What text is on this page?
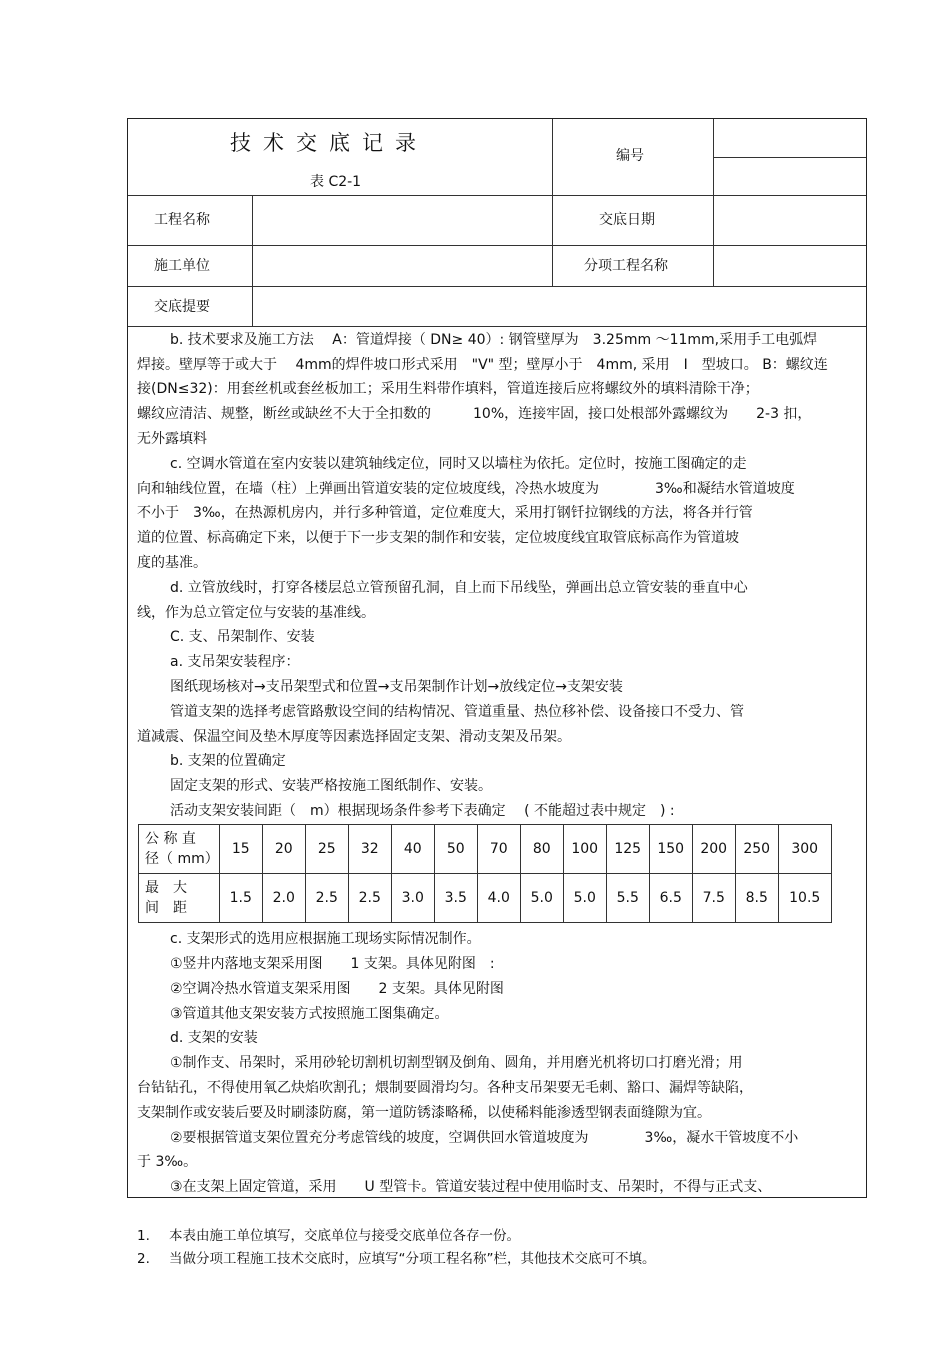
技术交底记录
表 C2-1
编号
工程名称	交底日期
施工单位	分项工程名称
交底提要
b. 技术要求及施工方法　 A：管道焊接（ DN≥ 40）: 钢管壁厚为　3.25mm ～11mm,采用手工电弧焊
焊接。壁厚等于或大于　 4mm的焊件坡口形式采用　"V" 型；壁厚小于　4mm, 采用　I　型坡口。 B：螺纹连
接(DN≤32)：用套丝机或套丝板加工；采用生料带作填料，管道连接后应将螺纹外的填料清除干净；
螺纹应清洁、规整，断丝或缺丝不大于全扣数的　　　10%，连接牢固，接口处根部外露螺纹为　　2-3 扣，
无外露填料
c. 空调水管道在室内安装以建筑轴线定位，同时又以墙柱为依托。定位时，按施工图确定的走
向和轴线位置，在墙（柱）上弹画出管道安装的定位坡度线，冷热水坡度为　　　　3‰和凝结水管道坡度
不小于　3‰，在热源机房内，并行多种管道，定位难度大，采用打钢钎拉钢线的方法，将各并行管
道的位置、标高确定下来，以便于下一步支架的制作和安装，定位坡度线宜取管底标高作为管道坡
度的基准。
d. 立管放线时，打穿各楼层总立管预留孔洞，自上而下吊线坠，弹画出总立管安装的垂直中心
线，作为总立管定位与安装的基准线。
C. 支、吊架制作、安装
a. 支吊架安装程序：
图纸现场核对→支吊架型式和位置→支吊架制作计划→放线定位→支架安装
管道支架的选择考虑管路敷设空间的结构情况、管道重量、热位移补偿、设备接口不受力、管
道减震、保温空间及垫木厚度等因素选择固定支架、滑动支架及吊架。
b. 支架的位置确定
固定支架的形式、安装严格按施工图纸制作、安装。
活动支架安装间距（　m）根据现场条件参考下表确定　 ( 不能超过表中规定　) :
公 称 直
径（ mm）	15	20	25	32	40	50	70	80	100	125	150	200	250	300
最　大
间　距	1.5	2.0	2.5	2.5	3.0	3.5	4.0	5.0	5.0	5.5	6.5	7.5	8.5	10.5
c. 支架形式的选用应根据施工现场实际情况制作。
①竖井内落地支架采用图　　1 支架。具体见附图　:
②空调冷热水管道支架采用图　　2 支架。具体见附图
③管道其他支架安装方式按照施工图集确定。
d. 支架的安装
①制作支、吊架时，采用砂轮切割机切割型钢及倒角、圆角，并用磨光机将切口打磨光滑；用
台钻钻孔，不得使用氧乙炔焰吹割孔；煨制要圆滑均匀。各种支吊架要无毛刺、豁口、漏焊等缺陷，
支架制作或安装后要及时刷漆防腐，第一道防锈漆略稀，以使稀料能渗透型钢表面缝隙为宜。
②要根据管道支架位置充分考虑管线的坡度，空调供回水管道坡度为　　　　3‰，凝水干管坡度不小
于 3‰。
③在支架上固定管道，采用　　U 型管卡。管道安装过程中使用临时支、吊架时，不得与正式支、
1. 本表由施工单位填写，交底单位与接受交底单位各存一份。
2. 当做分项工程施工技术交底时，应填写“分项工程名称”栏，其他技术交底可不填。
